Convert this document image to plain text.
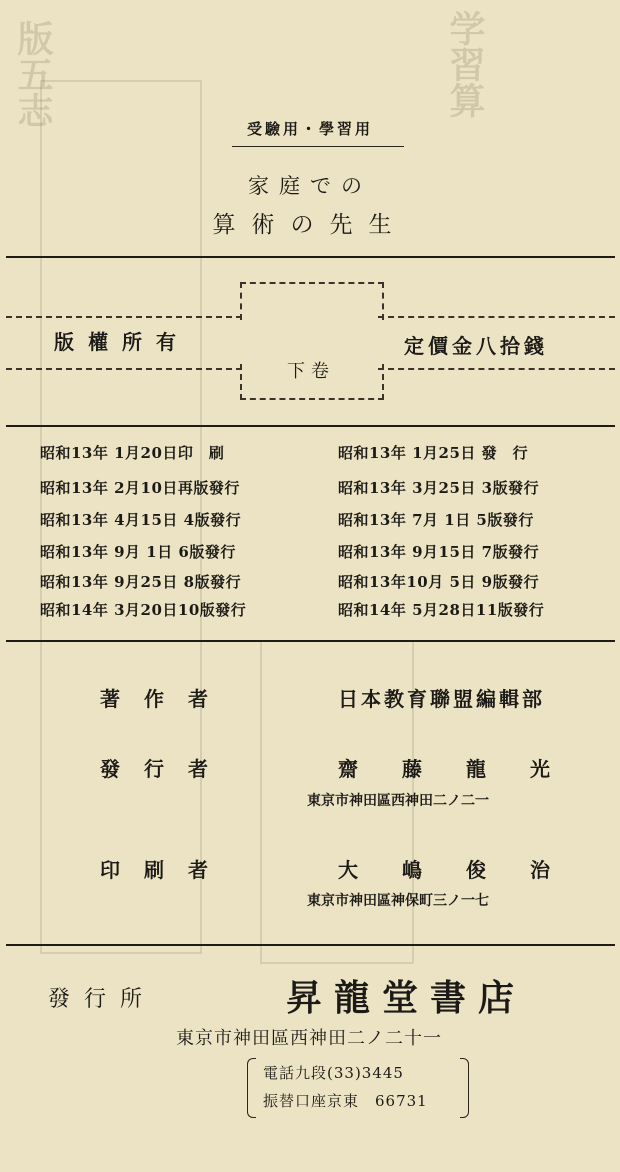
版五志	学習算
受驗用・學習用
家庭での
算術の先生
版權所有	定價金八拾錢
下卷
昭和13年 1月20日印　刷	昭和13年 1月25日 發　行
昭和13年 2月10日再版發行	昭和13年 3月25日 3版發行
昭和13年 4月15日 4版發行	昭和13年 7月 1日 5版發行
昭和13年 9月 1日 6版發行	昭和13年 9月15日 7版發行
昭和13年 9月25日 8版發行	昭和13年10月 5日 9版發行
昭和14年 3月20日10版發行	昭和14年 5月28日11版發行
著作者	日本教育聯盟編輯部
發行者	齋藤龍光
東京市神田區西神田二ノ二一
印刷者	大嶋俊治
東京市神田區神保町三ノ一七
發行所	昇龍堂書店
東京市神田區西神田二ノ二十一
電話九段(33)3445
振替口座京東　66731
